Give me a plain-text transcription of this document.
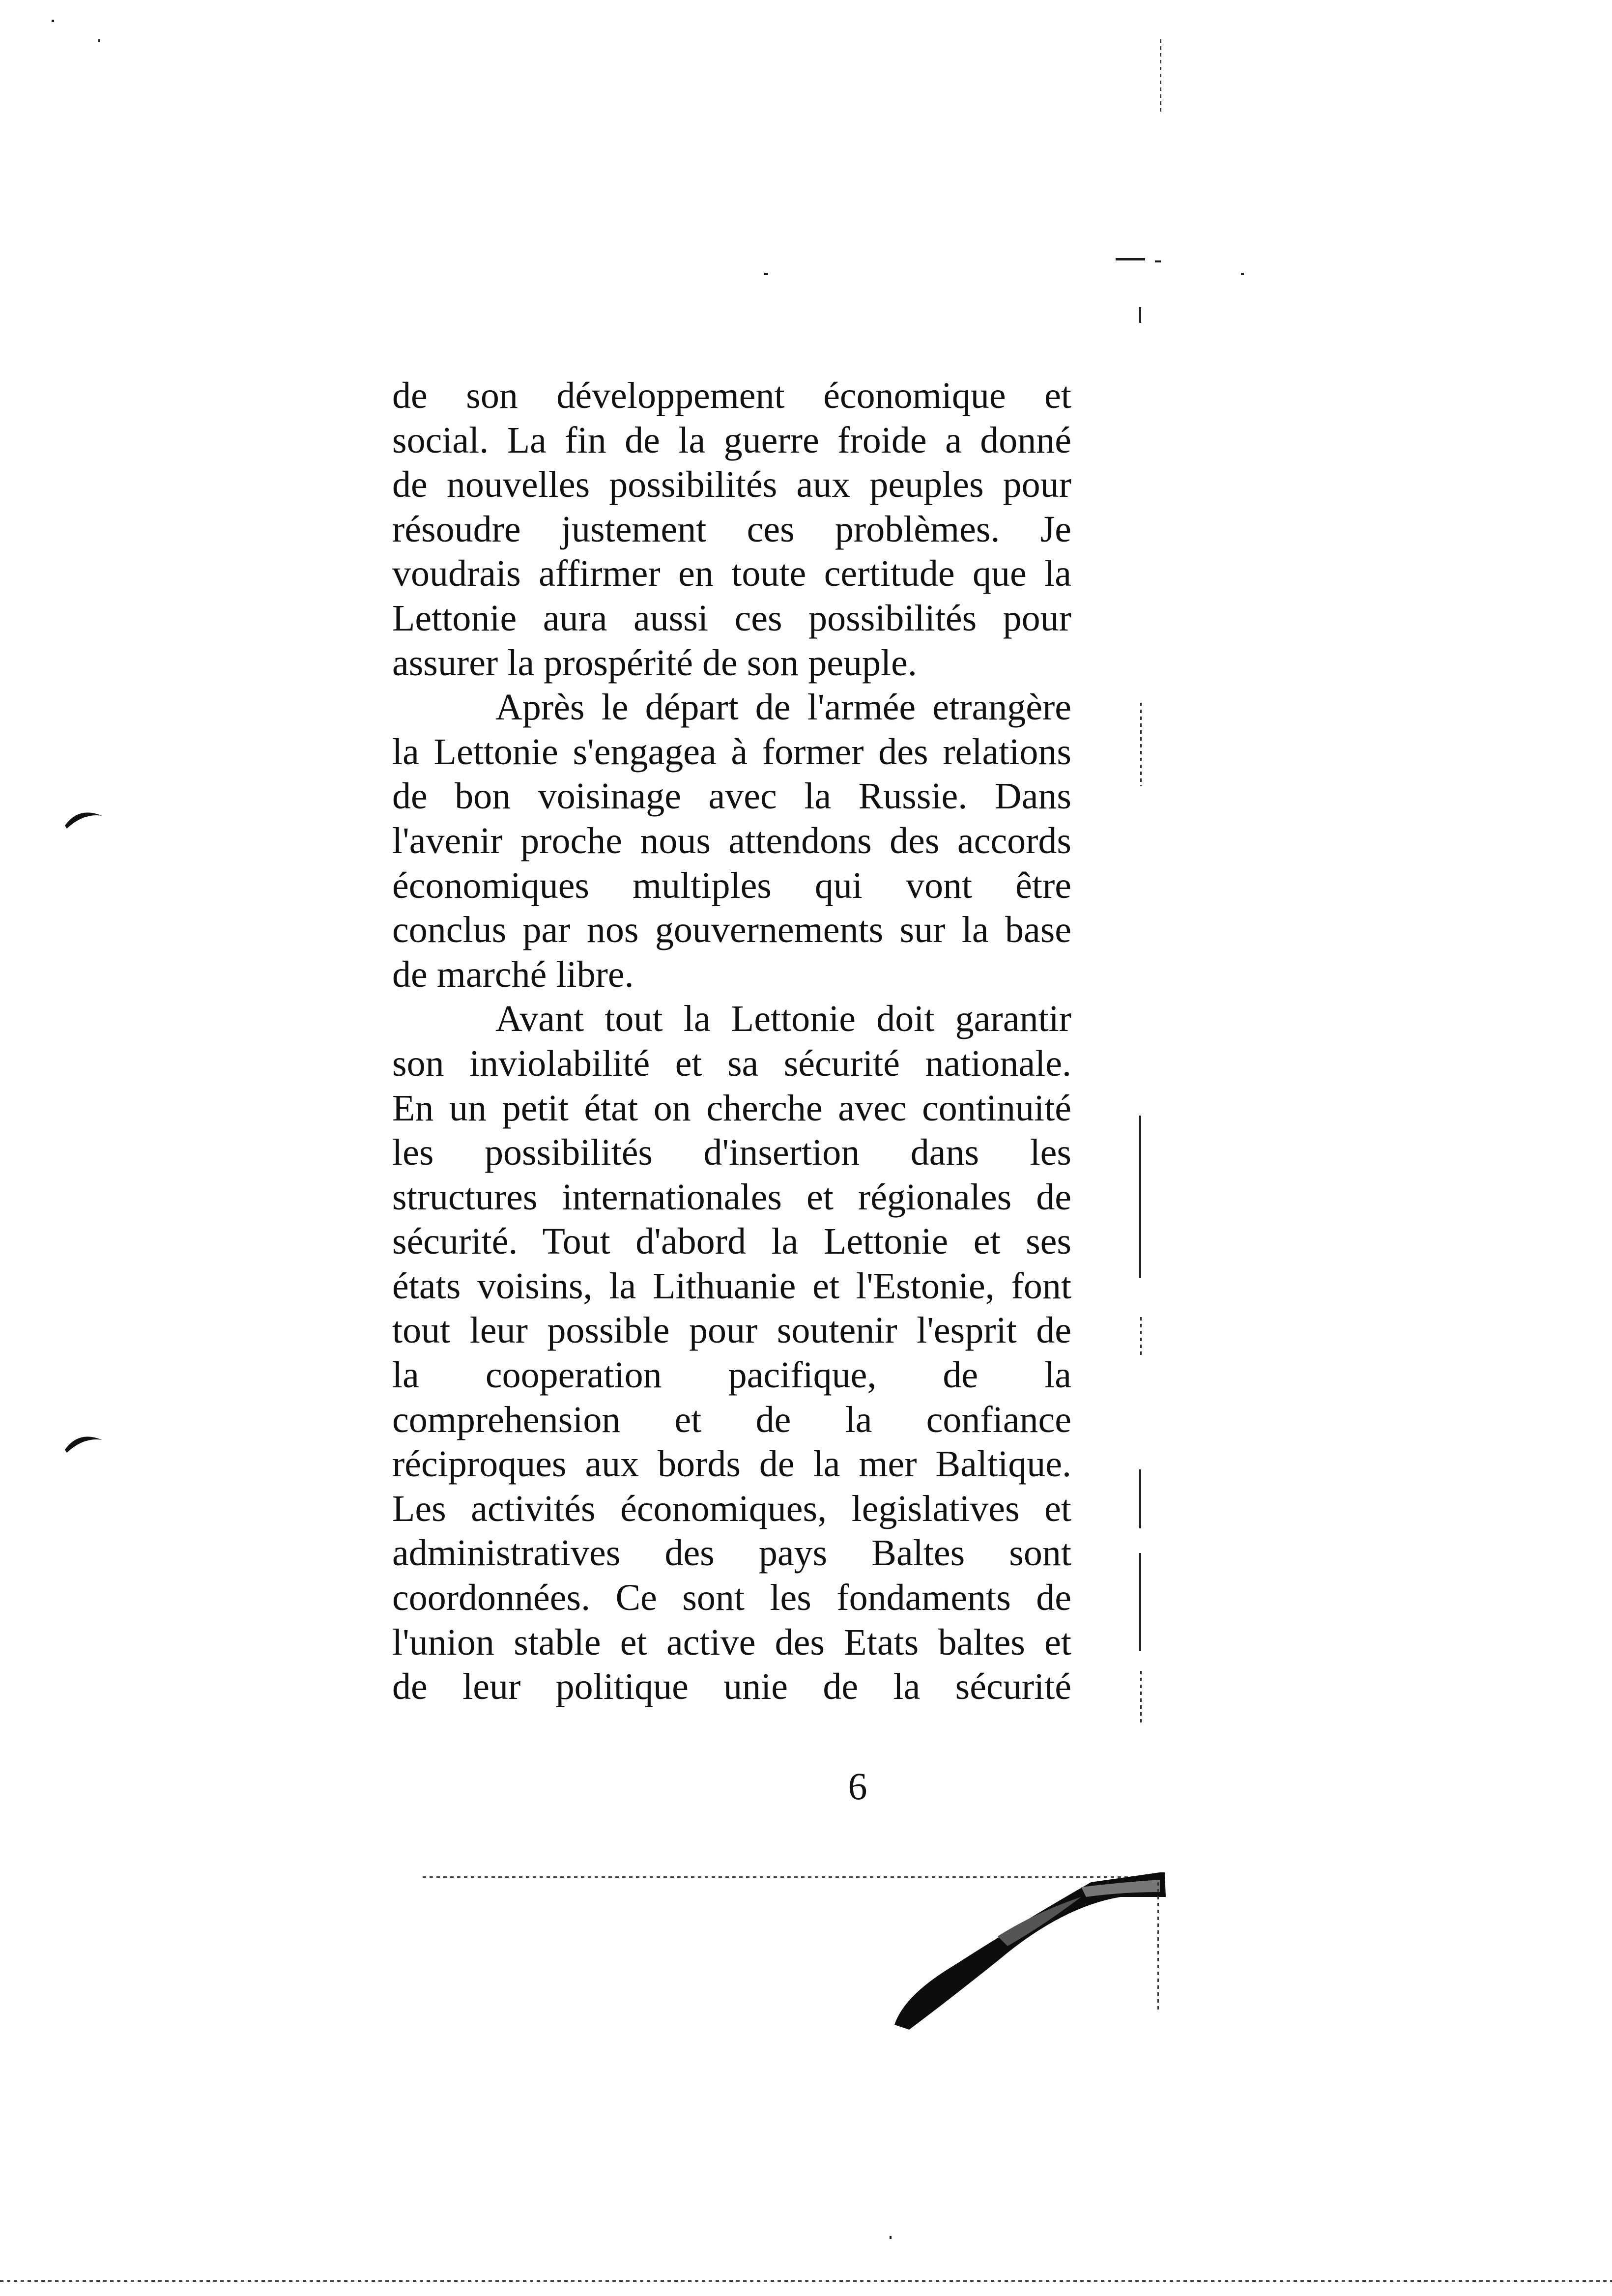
de son développement économique et
social. La fin de la guerre froide a donné
de nouvelles possibilités aux peuples pour
résoudre justement ces problèmes. Je
voudrais affirmer en toute certitude que la
Lettonie aura aussi ces possibilités pour
assurer la prospérité de son peuple.
Après le départ de l'armée etrangère
la Lettonie s'engagea à former des relations
de bon voisinage avec la Russie. Dans
l'avenir proche nous attendons des accords
économiques multiples qui vont être
conclus par nos gouvernements sur la base
de marché libre.
Avant tout la Lettonie doit garantir
son inviolabilité et sa sécurité nationale.
En un petit état on cherche avec continuité
les possibilités d'insertion dans les
structures internationales et régionales de
sécurité. Tout d'abord la Lettonie et ses
états voisins, la Lithuanie et l'Estonie, font
tout leur possible pour soutenir l'esprit de
la cooperation pacifique, de la
comprehension et de la confiance
réciproques aux bords de la mer Baltique.
Les activités économiques, legislatives et
administratives des pays Baltes sont
coordonnées. Ce sont les fondaments de
l'union stable et active des Etats baltes et
de leur politique unie de la sécurité
6
